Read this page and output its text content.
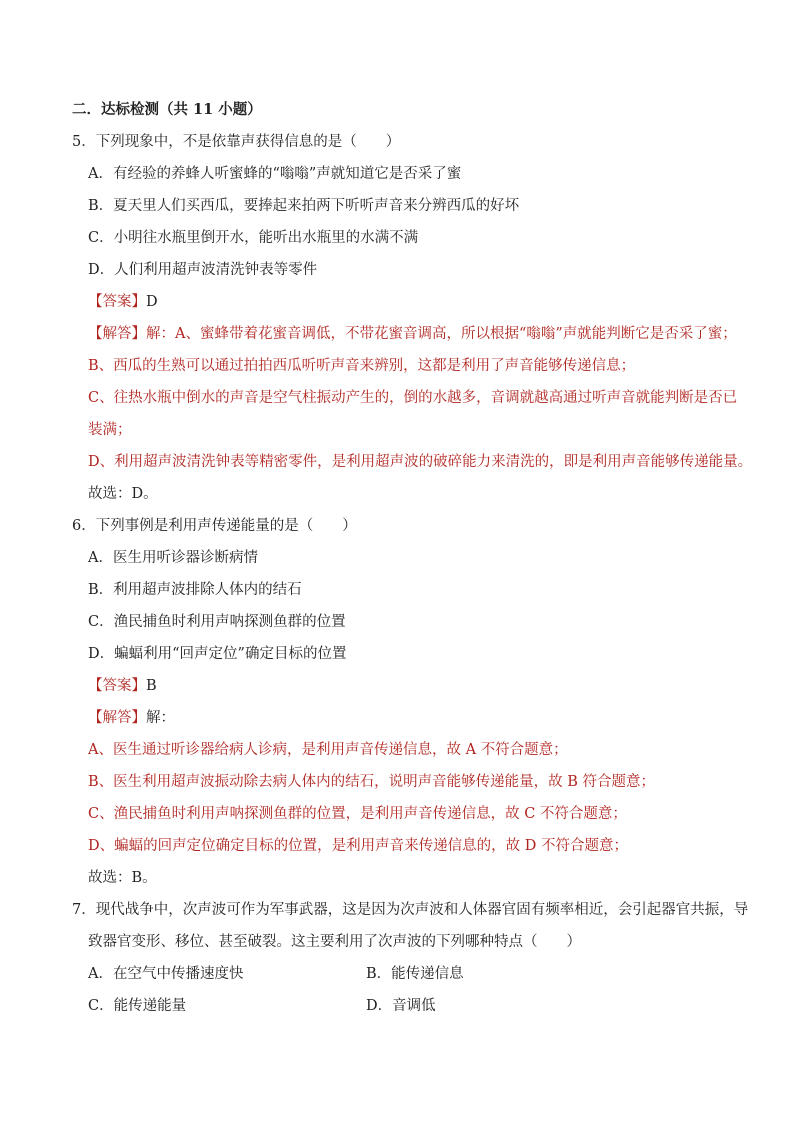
二．达标检测（共 11 小题）
5．下列现象中，不是依靠声获得信息的是（　　）
A．有经验的养蜂人听蜜蜂的“嗡嗡”声就知道它是否采了蜜
B．夏天里人们买西瓜，要捧起来拍两下听听声音来分辨西瓜的好坏
C．小明往水瓶里倒开水，能听出水瓶里的水满不满
D．人们利用超声波清洗钟表等零件
【答案】D
【解答】解：A、蜜蜂带着花蜜音调低，不带花蜜音调高，所以根据“嗡嗡”声就能判断它是否采了蜜；
B、西瓜的生熟可以通过拍拍西瓜听听声音来辨别，这都是利用了声音能够传递信息；
C、往热水瓶中倒水的声音是空气柱振动产生的，倒的水越多，音调就越高通过听声音就能判断是否已
装满；
D、利用超声波清洗钟表等精密零件，是利用超声波的破碎能力来清洗的，即是利用声音能够传递能量。
故选：D。
6．下列事例是利用声传递能量的是（　　）
A．医生用听诊器诊断病情
B．利用超声波排除人体内的结石
C．渔民捕鱼时利用声呐探测鱼群的位置
D．蝙蝠利用“回声定位”确定目标的位置
【答案】B
【解答】解：
A、医生通过听诊器给病人诊病，是利用声音传递信息，故 A 不符合题意；
B、医生利用超声波振动除去病人体内的结石，说明声音能够传递能量，故 B 符合题意；
C、渔民捕鱼时利用声呐探测鱼群的位置，是利用声音传递信息，故 C 不符合题意；
D、蝙蝠的回声定位确定目标的位置，是利用声音来传递信息的，故 D 不符合题意；
故选：B。
7．现代战争中，次声波可作为军事武器，这是因为次声波和人体器官固有频率相近，会引起器官共振，导
致器官变形、移位、甚至破裂。这主要利用了次声波的下列哪种特点（　　）
A．在空气中传播速度快	B．能传递信息
C．能传递能量	D．音调低
